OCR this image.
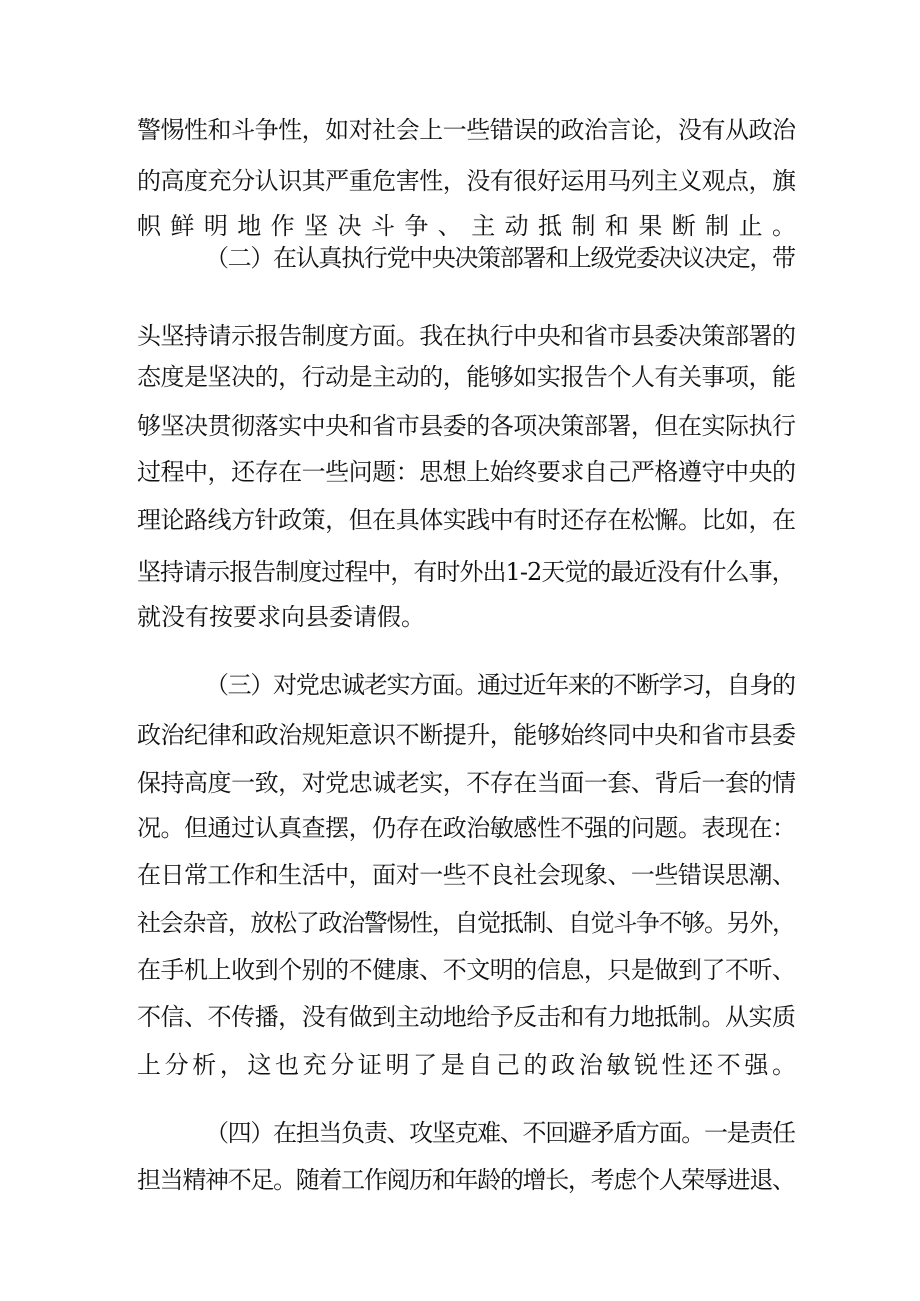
警惕性和斗争性，如对社会上一些错误的政治言论，没有从政治
的高度充分认识其严重危害性，没有很好运用马列主义观点，旗
帜鲜明地作坚决斗争、主动抵制和果断制止。
（二）在认真执行党中央决策部署和上级党委决议决定，带
头坚持请示报告制度方面。我在执行中央和省市县委决策部署的
态度是坚决的，行动是主动的，能够如实报告个人有关事项，能
够坚决贯彻落实中央和省市县委的各项决策部署，但在实际执行
过程中，还存在一些问题：思想上始终要求自己严格遵守中央的
理论路线方针政策，但在具体实践中有时还存在松懈。比如，在
坚持请示报告制度过程中，有时外出1-2天觉的最近没有什么事，
就没有按要求向县委请假。
（三）对党忠诚老实方面。通过近年来的不断学习，自身的
政治纪律和政治规矩意识不断提升，能够始终同中央和省市县委
保持高度一致，对党忠诚老实，不存在当面一套、背后一套的情
况。但通过认真查摆，仍存在政治敏感性不强的问题。表现在：
在日常工作和生活中，面对一些不良社会现象、一些错误思潮、
社会杂音，放松了政治警惕性，自觉抵制、自觉斗争不够。另外，
在手机上收到个别的不健康、不文明的信息，只是做到了不听、
不信、不传播，没有做到主动地给予反击和有力地抵制。从实质
上分析，这也充分证明了是自己的政治敏锐性还不强。
（四）在担当负责、攻坚克难、不回避矛盾方面。一是责任
担当精神不足。随着工作阅历和年龄的增长，考虑个人荣辱进退、
